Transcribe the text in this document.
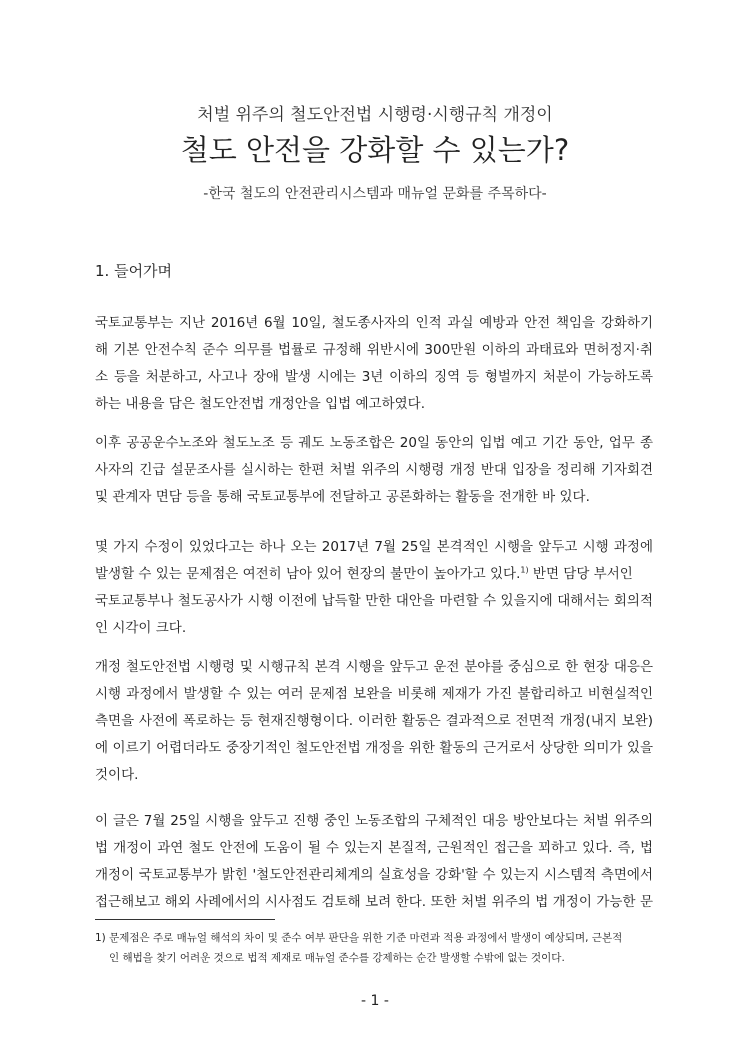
처벌 위주의 철도안전법 시행령·시행규칙 개정이
철도 안전을 강화할 수 있는가?
-한국 철도의 안전관리시스템과 매뉴얼 문화를 주목하다-
1. 들어가며
국토교통부는 지난 2016년 6월 10일, 철도종사자의 인적 과실 예방과 안전 책임을 강화하기
해 기본 안전수칙 준수 의무를 법률로 규정해 위반시에 300만원 이하의 과태료와 면허정지·취
소 등을 처분하고, 사고나 장애 발생 시에는 3년 이하의 징역 등 형벌까지 처분이 가능하도록
하는 내용을 담은 철도안전법 개정안을 입법 예고하였다.
이후 공공운수노조와 철도노조 등 궤도 노동조합은 20일 동안의 입법 예고 기간 동안, 업무 종
사자의 긴급 설문조사를 실시하는 한편 처벌 위주의 시행령 개정 반대 입장을 정리해 기자회견
및 관계자 면담 등을 통해 국토교통부에 전달하고 공론화하는 활동을 전개한 바 있다.
몇 가지 수정이 있었다고는 하나 오는 2017년 7월 25일 본격적인 시행을 앞두고 시행 과정에
발생할 수 있는 문제점은 여전히 남아 있어 현장의 불만이 높아가고 있다.$^{1)}$ 반면 담당 부서인
국토교통부나 철도공사가 시행 이전에 납득할 만한 대안을 마련할 수 있을지에 대해서는 회의적
인 시각이 크다.
개정 철도안전법 시행령 및 시행규칙 본격 시행을 앞두고 운전 분야를 중심으로 한 현장 대응은
시행 과정에서 발생할 수 있는 여러 문제점 보완을 비롯해 제재가 가진 불합리하고 비현실적인
측면을 사전에 폭로하는 등 현재진행형이다. 이러한 활동은 결과적으로 전면적 개정(내지 보완)
에 이르기 어렵더라도 중장기적인 철도안전법 개정을 위한 활동의 근거로서 상당한 의미가 있을
것이다.
이 글은 7월 25일 시행을 앞두고 진행 중인 노동조합의 구체적인 대응 방안보다는 처벌 위주의
법 개정이 과연 철도 안전에 도움이 될 수 있는지 본질적, 근원적인 접근을 꾀하고 있다. 즉, 법
개정이 국토교통부가 밝힌 '철도안전관리체계의 실효성을 강화'할 수 있는지 시스템적 측면에서
접근해보고 해외 사례에서의 시사점도 검토해 보려 한다. 또한 처벌 위주의 법 개정이 가능한 문
1) 문제점은 주로 매뉴얼 해석의 차이 및 준수 여부 판단을 위한 기준 마련과 적용 과정에서 발생이 예상되며, 근본적
인 해법을 찾기 어려운 것으로 법적 제재로 매뉴얼 준수를 강제하는 순간 발생할 수밖에 없는 것이다.
- 1 -
